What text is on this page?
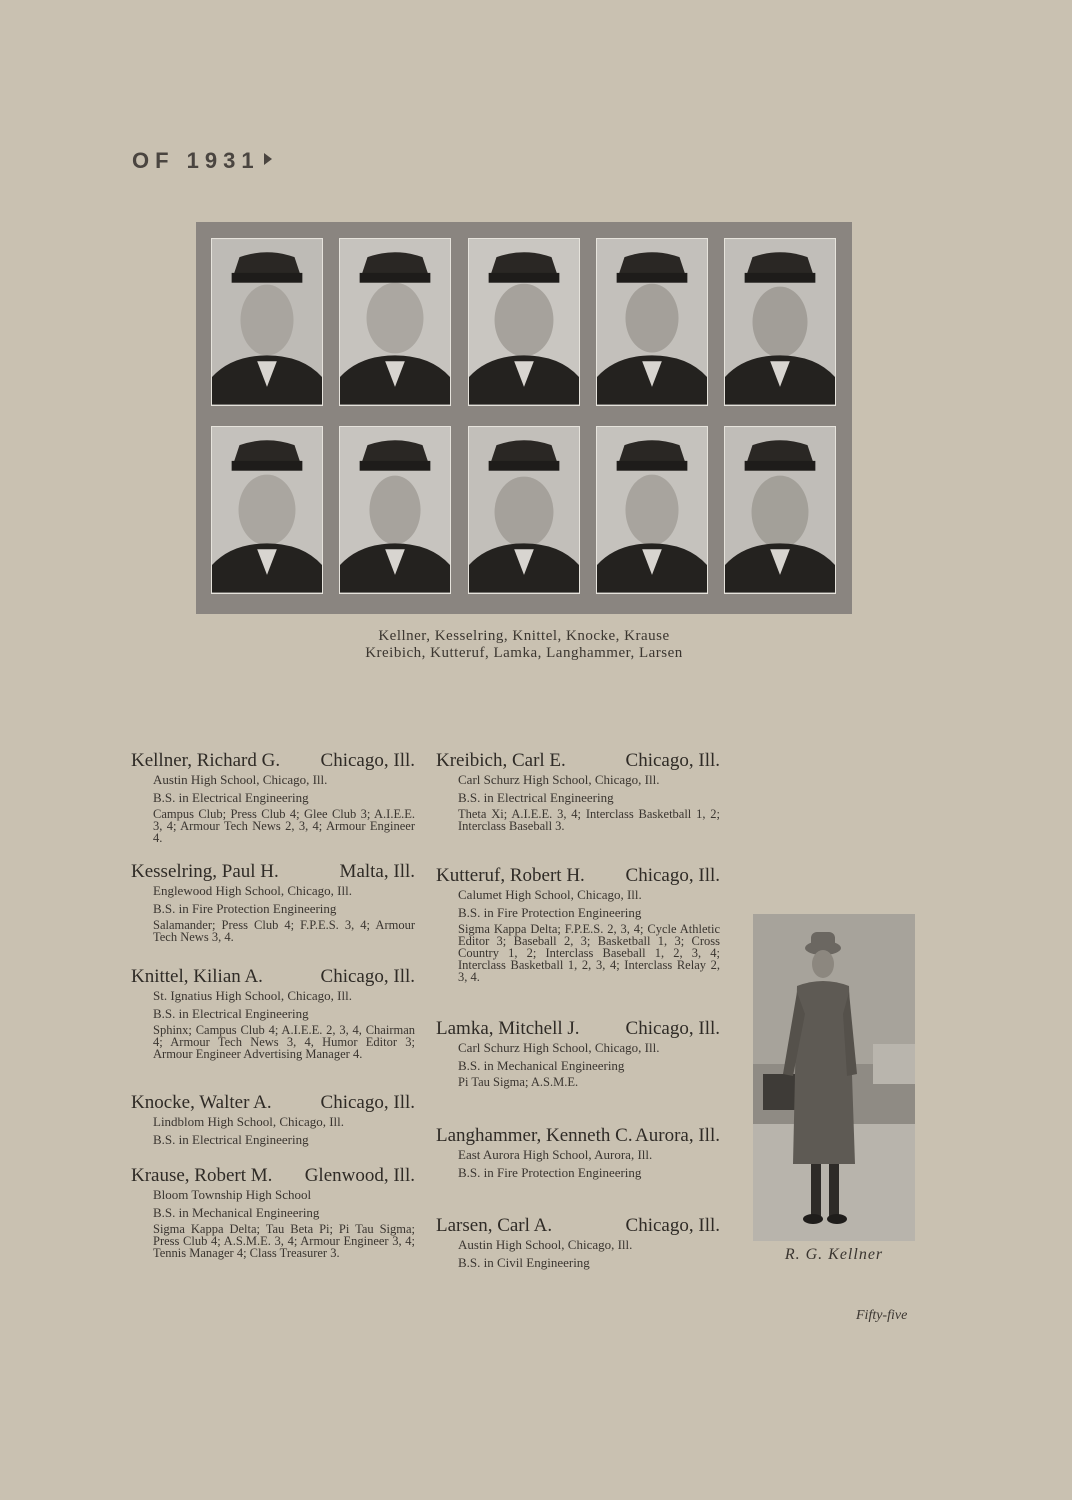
OF 1931
Kellner, Kesselring, Knittel, Knocke, Krause
Kreibich, Kutteruf, Lamka, Langhammer, Larsen
Kellner, Richard G. Chicago, Ill.
Austin High School, Chicago, Ill.
B.S. in Electrical Engineering
Campus Club; Press Club 4; Glee Club 3; A.I.E.E. 3, 4; Armour Tech News 2, 3, 4; Armour Engineer 4.
Kesselring, Paul H.	Malta, Ill.
Englewood High School, Chicago, Ill.
B.S. in Fire Protection Engineering
Salamander; Press Club 4; F.P.E.S. 3, 4; Armour Tech News 3, 4.
Knittel, Kilian A.	Chicago, Ill.
St. Ignatius High School, Chicago, Ill.
B.S. in Electrical Engineering
Sphinx; Campus Club 4; A.I.E.E. 2, 3, 4, Chairman 4; Armour Tech News 3, 4, Humor Editor 3; Armour Engineer Advertising Manager 4.
Knocke, Walter A.	Chicago, Ill.
Lindblom High School, Chicago, Ill.
B.S. in Electrical Engineering
Krause, Robert M. Glenwood, Ill.
Bloom Township High School
B.S. in Mechanical Engineering
Sigma Kappa Delta; Tau Beta Pi; Pi Tau Sigma; Press Club 4; A.S.M.E. 3, 4; Armour Engineer 3, 4; Tennis Manager 4; Class Treasurer 3.
Kreibich, Carl E.	Chicago, Ill.
Carl Schurz High School, Chicago, Ill.
B.S. in Electrical Engineering
Theta Xi; A.I.E.E. 3, 4; Interclass Basketball 1, 2; Interclass Baseball 3.
Kutteruf, Robert H. Chicago, Ill.
Calumet High School, Chicago, Ill.
B.S. in Fire Protection Engineering
Sigma Kappa Delta; F.P.E.S. 2, 3, 4; Cycle Athletic Editor 3; Baseball 2, 3; Basketball 1, 3; Cross Country 1, 2; Interclass Baseball 1, 2, 3, 4; Interclass Basketball 1, 2, 3, 4; Interclass Relay 2, 3, 4.
Lamka, Mitchell J. Chicago, Ill.
Carl Schurz High School, Chicago, Ill.
B.S. in Mechanical Engineering
Pi Tau Sigma; A.S.M.E.
Langhammer, Kenneth C. Aurora, Ill.
East Aurora High School, Aurora, Ill.
B.S. in Fire Protection Engineering
Larsen, Carl A.	Chicago, Ill.
Austin High School, Chicago, Ill.
B.S. in Civil Engineering	R. G. Kellner
Fifty-five
